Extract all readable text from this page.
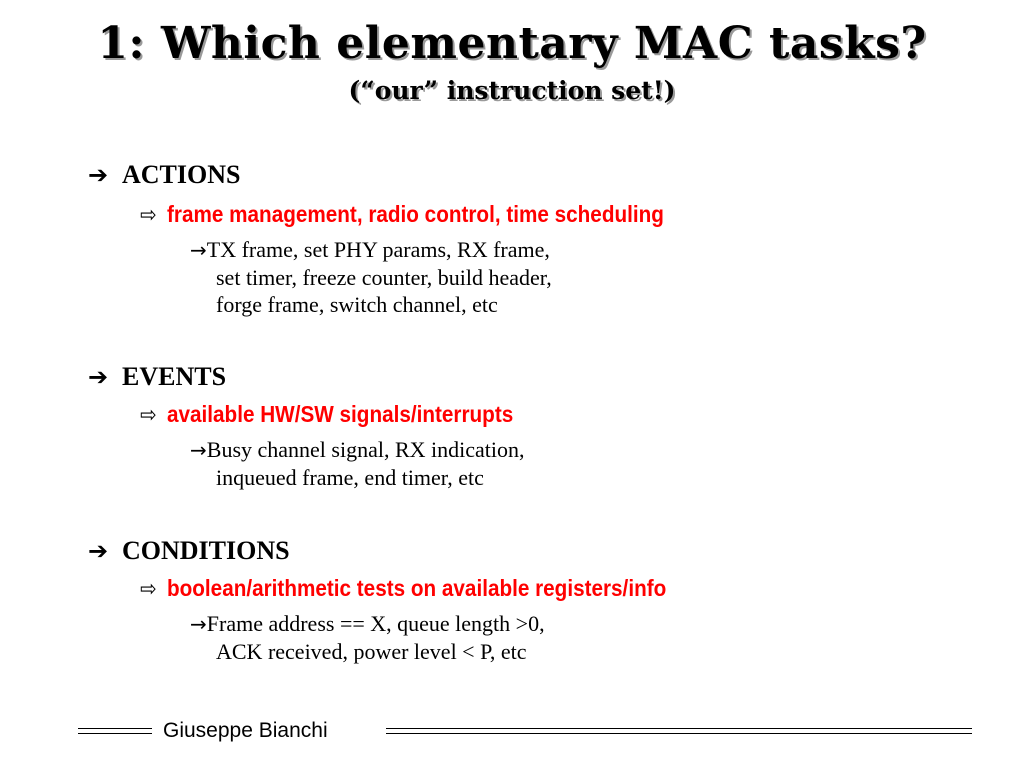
1: Which elementary MAC tasks?
(“our” instruction set!)
➔ ACTIONS
⇨ frame management, radio control, time scheduling
→TX frame, set PHY params, RX frame,
set timer, freeze counter, build header,
forge frame, switch channel, etc
➔ EVENTS
⇨ available HW/SW signals/interrupts
→Busy channel signal, RX indication,
inqueued frame, end timer, etc
➔ CONDITIONS
⇨ boolean/arithmetic tests on available registers/info
→Frame address == X, queue length >0,
ACK received, power level < P, etc
Giuseppe Bianchi
